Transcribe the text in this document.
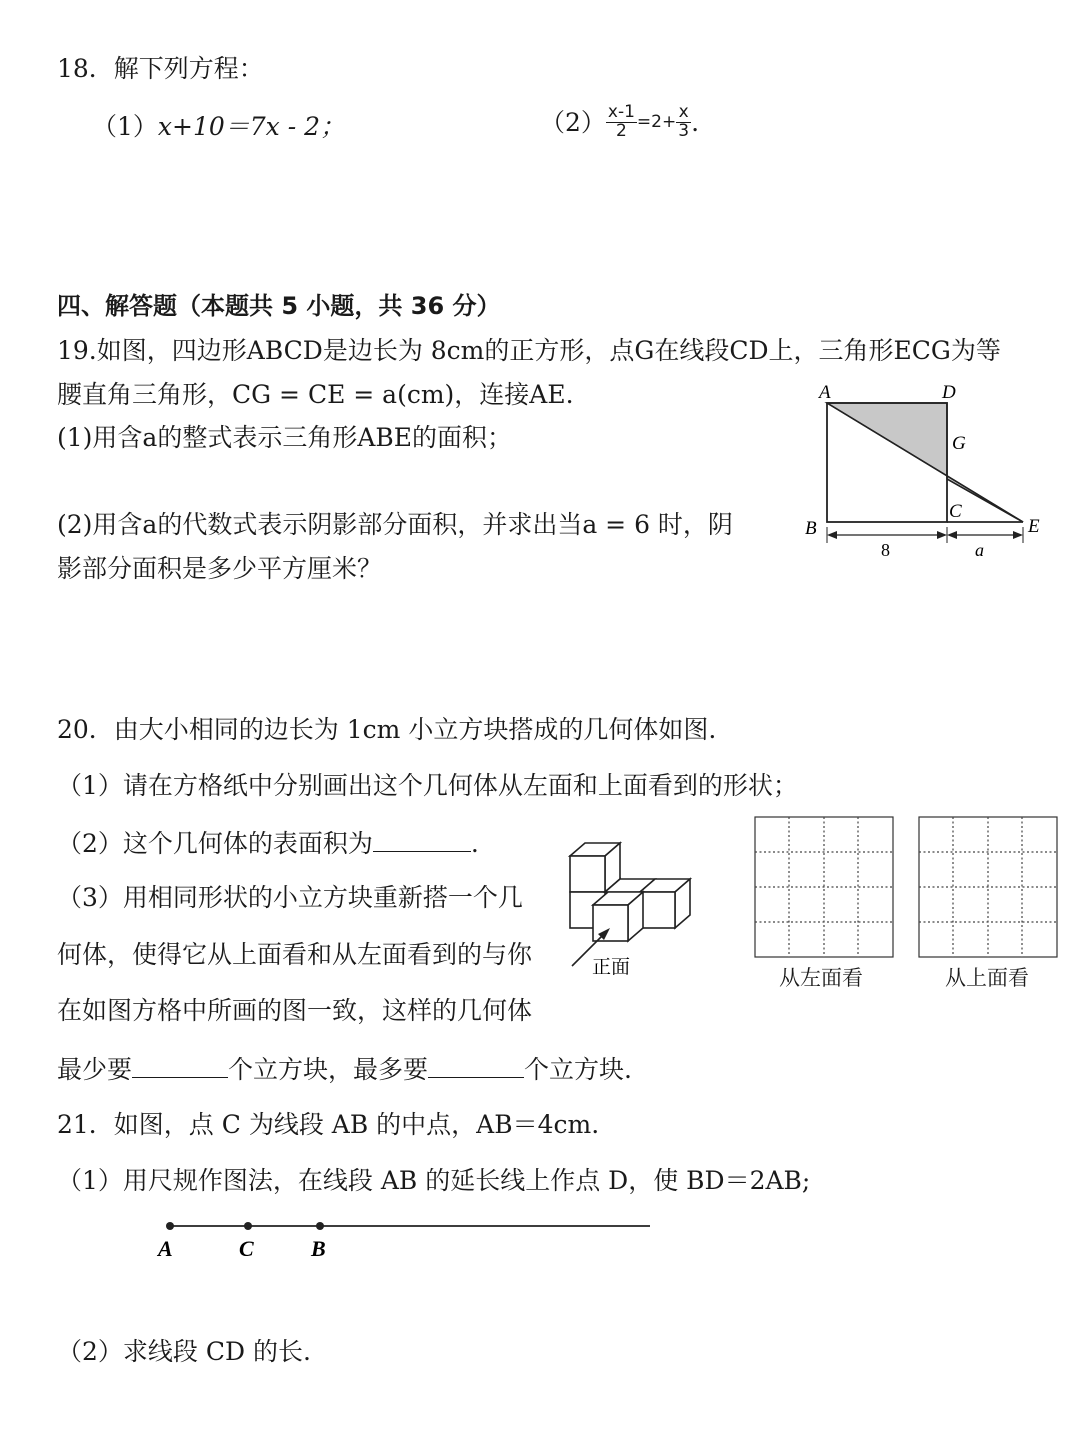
18．解下列方程：
（1）x+10＝7x - 2；	$(2) \frac{x-1}{2} =2+ \frac{x}{3}$ .
四、解答题（本题共 5 小题，共 36 分）
19.如图，四边形ABCD是边长为 8cm的正方形，点G在线段CD上，三角形ECG为等
腰直角三角形，CG = CE = a(cm)，连接AE.
(1)用含a的整式表示三角形ABE的面积；
(2)用含a的代数式表示阴影部分面积，并求出当a = 6 时，阴
影部分面积是多少平方厘米？
A	D
G
C
B	E
8	a
20．由大小相同的边长为 1cm 小立方块搭成的几何体如图.
（1）请在方格纸中分别画出这个几何体从左面和上面看到的形状；
（2）这个几何体的表面积为	.
（3）用相同形状的小立方块重新搭一个几
何体，使得它从上面看和从左面看到的与你
在如图方格中所画的图一致，这样的几何体
最少要	个立方块，最多要	个立方块.
正面	从左面看	从上面看
21．如图，点 C 为线段 AB 的中点，AB＝4cm.
（1）用尺规作图法，在线段 AB 的延长线上作点 D，使 BD＝2AB;
A	C	B
（2）求线段 CD 的长.
